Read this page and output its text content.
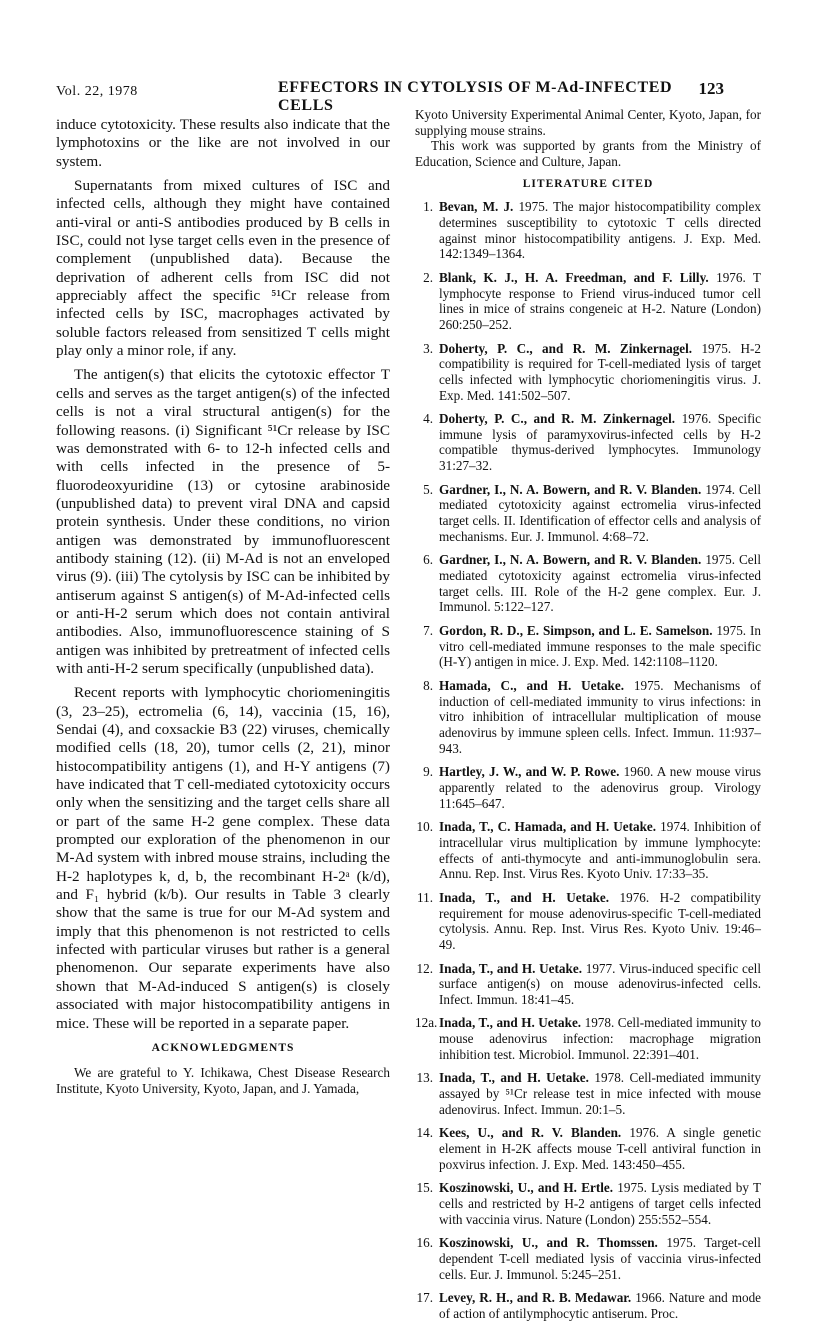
Vol. 22, 1978	EFFECTORS IN CYTOLYSIS OF M-Ad-INFECTED CELLS
123

induce cytotoxicity. These results also indicate that the lymphotoxins or the like are not involved in our system.

Supernatants from mixed cultures of ISC and infected cells, although they might have contained anti-viral or anti-S antibodies produced by B cells in ISC, could not lyse target cells even in the presence of complement (unpublished data). Because the deprivation of adherent cells from ISC did not appreciably affect the specific ⁵¹Cr release from infected cells by ISC, macrophages activated by soluble factors released from sensitized T cells might play only a minor role, if any.

The antigen(s) that elicits the cytotoxic effector T cells and serves as the target antigen(s) of the infected cells is not a viral structural antigen(s) for the following reasons. (i) Significant ⁵¹Cr release by ISC was demonstrated with 6- to 12-h infected cells and with cells infected in the presence of 5-fluorodeoxyuridine (13) or cytosine arabinoside (unpublished data) to prevent viral DNA and capsid protein synthesis. Under these conditions, no virion antigen was demonstrated by immunofluorescent antibody staining (12). (ii) M-Ad is not an enveloped virus (9). (iii) The cytolysis by ISC can be inhibited by antiserum against S antigen(s) of M-Ad-infected cells or anti-H-2 serum which does not contain antiviral antibodies. Also, immunofluorescence staining of S antigen was inhibited by pretreatment of infected cells with anti-H-2 serum specifically (unpublished data).

Recent reports with lymphocytic choriomeningitis (3, 23–25), ectromelia (6, 14), vaccinia (15, 16), Sendai (4), and coxsackie B3 (22) viruses, chemically modified cells (18, 20), tumor cells (2, 21), minor histocompatibility antigens (1), and H-Y antigens (7) have indicated that T cell-mediated cytotoxicity occurs only when the sensitizing and the target cells share all or part of the same H-2 gene complex. These data prompted our exploration of the phenomenon in our M-Ad system with inbred mouse strains, including the H-2 haplotypes k, d, b, the recombinant H-2ᵃ (k/d), and F₁ hybrid (k/b). Our results in Table 3 clearly show that the same is true for our M-Ad system and imply that this phenomenon is not restricted to cells infected with particular viruses but rather is a general phenomenon. Our separate experiments have also shown that M-Ad-induced S antigen(s) is closely associated with major histocompatibility antigens in mice. These will be reported in a separate paper.

ACKNOWLEDGMENTS

We are grateful to Y. Ichikawa, Chest Disease Research Institute, Kyoto University, Kyoto, Japan, and J. Yamada,

Kyoto University Experimental Animal Center, Kyoto, Japan, for supplying mouse strains.

This work was supported by grants from the Ministry of Education, Science and Culture, Japan.

LITERATURE CITED
1. Bevan, M. J. 1975. The major histocompatibility complex determines susceptibility to cytotoxic T cells directed against minor histocompatibility antigens. J. Exp. Med. 142:1349–1364.
2. Blank, K. J., H. A. Freedman, and F. Lilly. 1976. T lymphocyte response to Friend virus-induced tumor cell lines in mice of strains congeneic at H-2. Nature (London) 260:250–252.
3. Doherty, P. C., and R. M. Zinkernagel. 1975. H-2 compatibility is required for T-cell-mediated lysis of target cells infected with lymphocytic choriomeningitis virus. J. Exp. Med. 141:502–507.
4. Doherty, P. C., and R. M. Zinkernagel. 1976. Specific immune lysis of paramyxovirus-infected cells by H-2 compatible thymus-derived lymphocytes. Immunology 31:27–32.
5. Gardner, I., N. A. Bowern, and R. V. Blanden. 1974. Cell mediated cytotoxicity against ectromelia virus-infected target cells. II. Identification of effector cells and analysis of mechanisms. Eur. J. Immunol. 4:68–72.
6. Gardner, I., N. A. Bowern, and R. V. Blanden. 1975. Cell mediated cytotoxicity against ectromelia virus-infected target cells. III. Role of the H-2 gene complex. Eur. J. Immunol. 5:122–127.
7. Gordon, R. D., E. Simpson, and L. E. Samelson. 1975. In vitro cell-mediated immune responses to the male specific (H-Y) antigen in mice. J. Exp. Med. 142:1108–1120.
8. Hamada, C., and H. Uetake. 1975. Mechanisms of induction of cell-mediated immunity to virus infections: in vitro inhibition of intracellular multiplication of mouse adenovirus by immune spleen cells. Infect. Immun. 11:937–943.
9. Hartley, J. W., and W. P. Rowe. 1960. A new mouse virus apparently related to the adenovirus group. Virology 11:645–647.
10. Inada, T., C. Hamada, and H. Uetake. 1974. Inhibition of intracellular virus multiplication by immune lymphocyte: effects of anti-thymocyte and anti-immunoglobulin sera. Annu. Rep. Inst. Virus Res. Kyoto Univ. 17:33–35.
11. Inada, T., and H. Uetake. 1976. H-2 compatibility requirement for mouse adenovirus-specific T-cell-mediated cytolysis. Annu. Rep. Inst. Virus Res. Kyoto Univ. 19:46–49.
12. Inada, T., and H. Uetake. 1977. Virus-induced specific cell surface antigen(s) on mouse adenovirus-infected cells. Infect. Immun. 18:41–45.
12a. Inada, T., and H. Uetake. 1978. Cell-mediated immunity to mouse adenovirus infection: macrophage migration inhibition test. Microbiol. Immunol. 22:391–401.
13. Inada, T., and H. Uetake. 1978. Cell-mediated immunity assayed by ⁵¹Cr release test in mice infected with mouse adenovirus. Infect. Immun. 20:1–5.
14. Kees, U., and R. V. Blanden. 1976. A single genetic element in H-2K affects mouse T-cell antiviral function in poxvirus infection. J. Exp. Med. 143:450–455.
15. Koszinowski, U., and H. Ertle. 1975. Lysis mediated by T cells and restricted by H-2 antigens of target cells infected with vaccinia virus. Nature (London) 255:552–554.
16. Koszinowski, U., and R. Thomssen. 1975. Target-cell dependent T-cell mediated lysis of vaccinia virus-infected cells. Eur. J. Immunol. 5:245–251.
17. Levey, R. H., and R. B. Medawar. 1966. Nature and mode of action of antilymphocytic antiserum. Proc.
